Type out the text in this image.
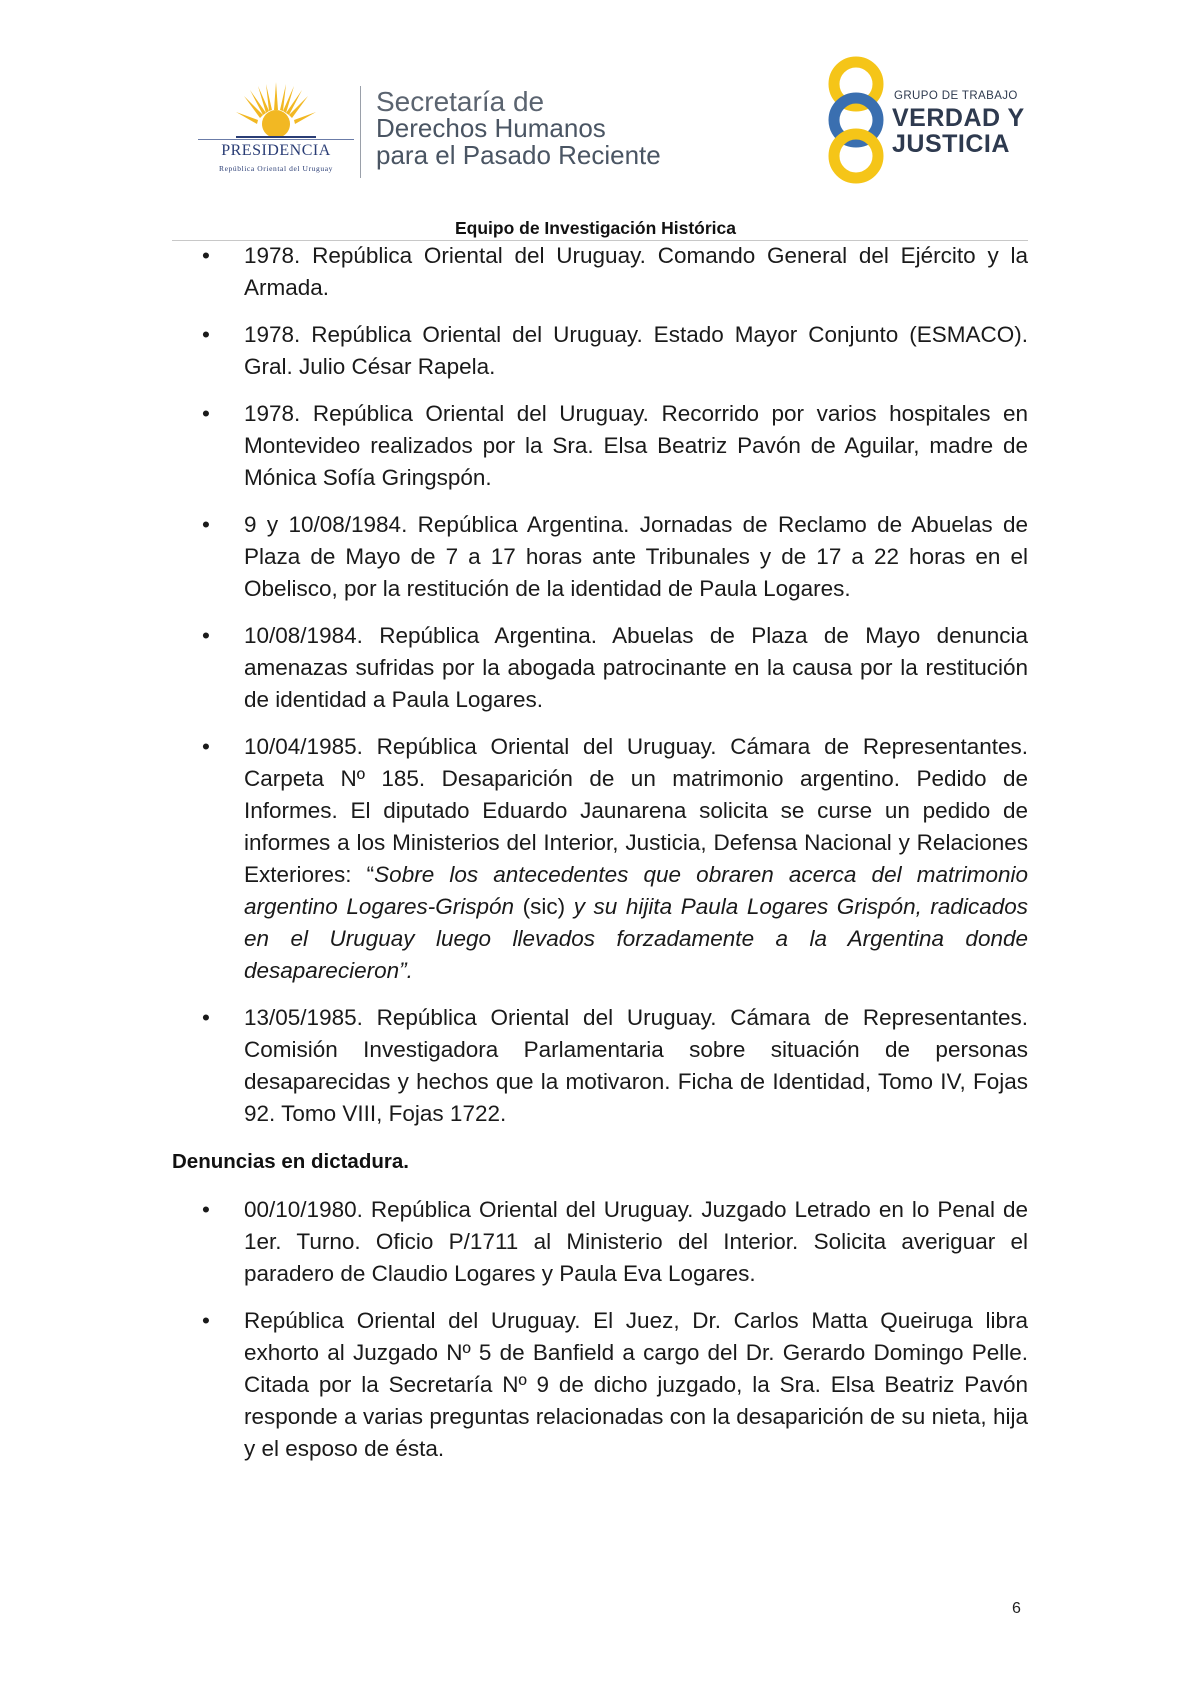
PRESIDENCIA
República Oriental del Uruguay
Secretaría de
Derechos Humanos
para el Pasado Reciente
GRUPO DE TRABAJO
VERDAD Y
JUSTICIA
Equipo de Investigación Histórica
• 1978. República Oriental del Uruguay. Comando General del Ejército y la Armada.
• 1978. República Oriental del Uruguay. Estado Mayor Conjunto (ESMACO). Gral. Julio César Rapela.
• 1978. República Oriental del Uruguay. Recorrido por varios hospitales en Montevideo realizados por la Sra. Elsa Beatriz Pavón de Aguilar, madre de Mónica Sofía Gringspón.
• 9 y 10/08/1984. República Argentina. Jornadas de Reclamo de Abuelas de Plaza de Mayo de 7 a 17 horas ante Tribunales y de 17 a 22 horas en el Obelisco, por la restitución de la identidad de Paula Logares.
• 10/08/1984. República Argentina. Abuelas de Plaza de Mayo denuncia amenazas sufridas por la abogada patrocinante en la causa por la restitución de identidad a Paula Logares.
• 10/04/1985. República Oriental del Uruguay. Cámara de Representantes. Carpeta Nº 185. Desaparición de un matrimonio argentino. Pedido de Informes. El diputado Eduardo Jaunarena solicita se curse un pedido de informes a los Ministerios del Interior, Justicia, Defensa Nacional y Relaciones Exteriores: “Sobre los antecedentes que obraren acerca del matrimonio argentino Logares-Grispón (sic) y su hijita Paula Logares Grispón, radicados en el Uruguay luego llevados forzadamente a la Argentina donde desaparecieron”.
• 13/05/1985. República Oriental del Uruguay. Cámara de Representantes. Comisión Investigadora Parlamentaria sobre situación de personas desaparecidas y hechos que la motivaron. Ficha de Identidad, Tomo IV, Fojas 92. Tomo VIII, Fojas 1722.
Denuncias en dictadura.
• 00/10/1980. República Oriental del Uruguay. Juzgado Letrado en lo Penal de 1er. Turno. Oficio P/1711 al Ministerio del Interior. Solicita averiguar el paradero de Claudio Logares y Paula Eva Logares.
• República Oriental del Uruguay. El Juez, Dr. Carlos Matta Queiruga libra exhorto al Juzgado Nº 5 de Banfield a cargo del Dr. Gerardo Domingo Pelle. Citada por la Secretaría Nº 9 de dicho juzgado, la Sra. Elsa Beatriz Pavón responde a varias preguntas relacionadas con la desaparición de su nieta, hija y el esposo de ésta.
6
